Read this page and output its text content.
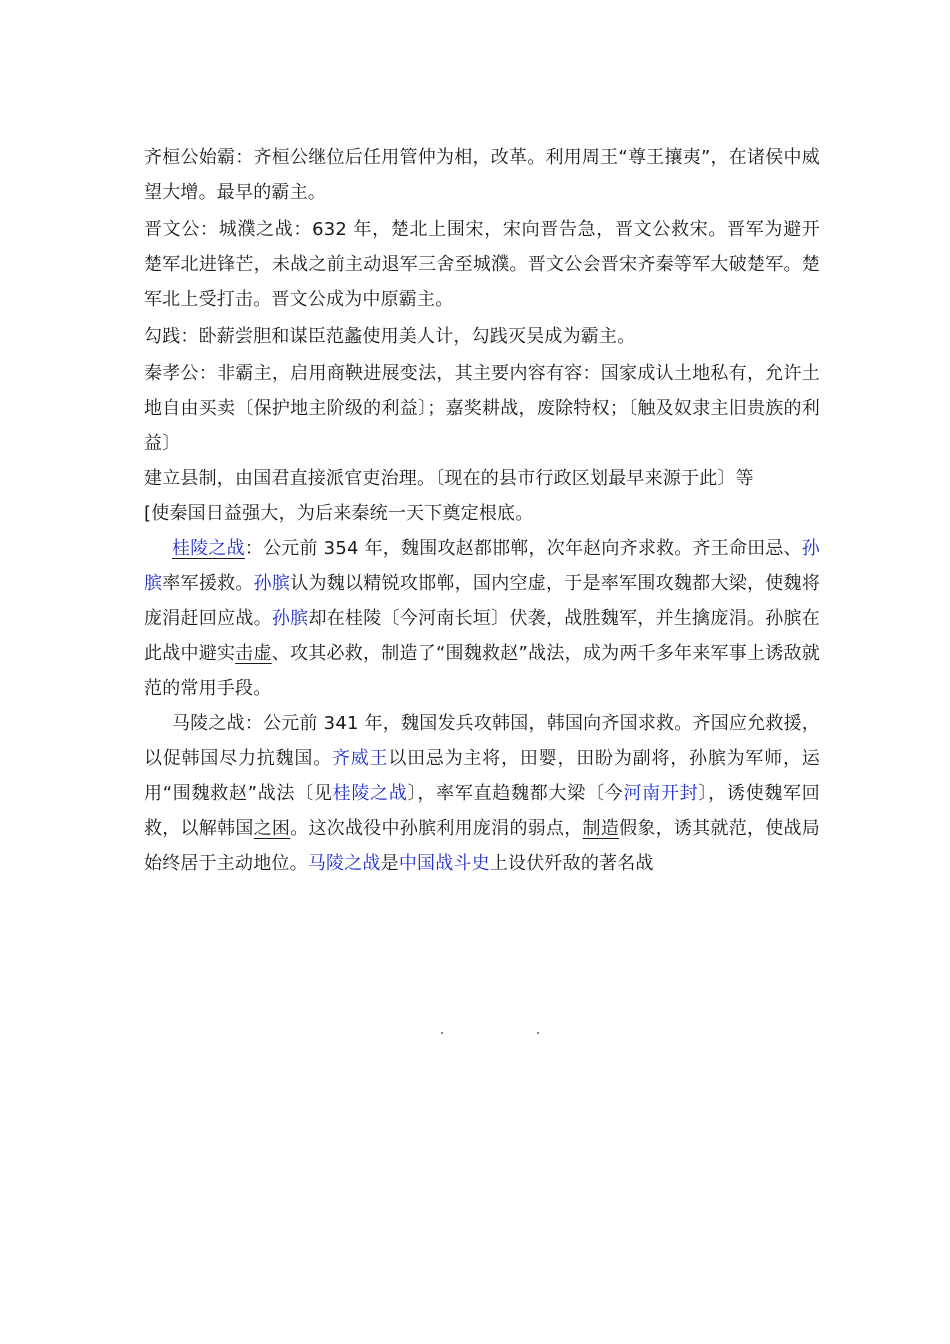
齐桓公始霸：齐桓公继位后任用管仲为相，改革。利用周王“尊王攘夷”，在诸侯中威望大增。最早的霸主。

晋文公：城濮之战：632 年，楚北上围宋，宋向晋告急，晋文公救宋。晋军为避开楚军北进锋芒，未战之前主动退军三舍至城濮。晋文公会晋宋齐秦等军大破楚军。楚军北上受打击。晋文公成为中原霸主。

勾践：卧薪尝胆和谋臣范蠡使用美人计，勾践灭吴成为霸主。

秦孝公：非霸主，启用商鞅进展变法，其主要内容有容：国家成认土地私有，允许土地自由买卖〔保护地主阶级的利益〕；嘉奖耕战，废除特权；〔触及奴隶主旧贵族的利益〕

建立县制，由国君直接派官吏治理。〔现在的县市行政区划最早来源于此〕等

[使秦国日益强大，为后来秦统一天下奠定根底。

桂陵之战：公元前 354 年，魏围攻赵都邯郸，次年赵向齐求救。齐王命田忌、孙膑率军援救。孙膑认为魏以精锐攻邯郸，国内空虚，于是率军围攻魏都大梁，使魏将庞涓赶回应战。孙膑却在桂陵〔今河南长垣〕伏袭，战胜魏军，并生擒庞涓。孙膑在此战中避实击虚、攻其必救，制造了“围魏救赵”战法，成为两千多年来军事上诱敌就范的常用手段。

马陵之战：公元前 341 年，魏国发兵攻韩国，韩国向齐国求救。齐国应允救援，以促韩国尽力抗魏国。齐威王以田忌为主将，田婴，田盼为副将，孙膑为军师，运用“围魏救赵”战法〔见桂陵之战〕，率军直趋魏都大梁〔今河南开封〕，诱使魏军回救，以解韩国之困。这次战役中孙膑利用庞涓的弱点，制造假象，诱其就范，使战局始终居于主动地位。马陵之战是中国战斗史上设伏歼敌的著名战
